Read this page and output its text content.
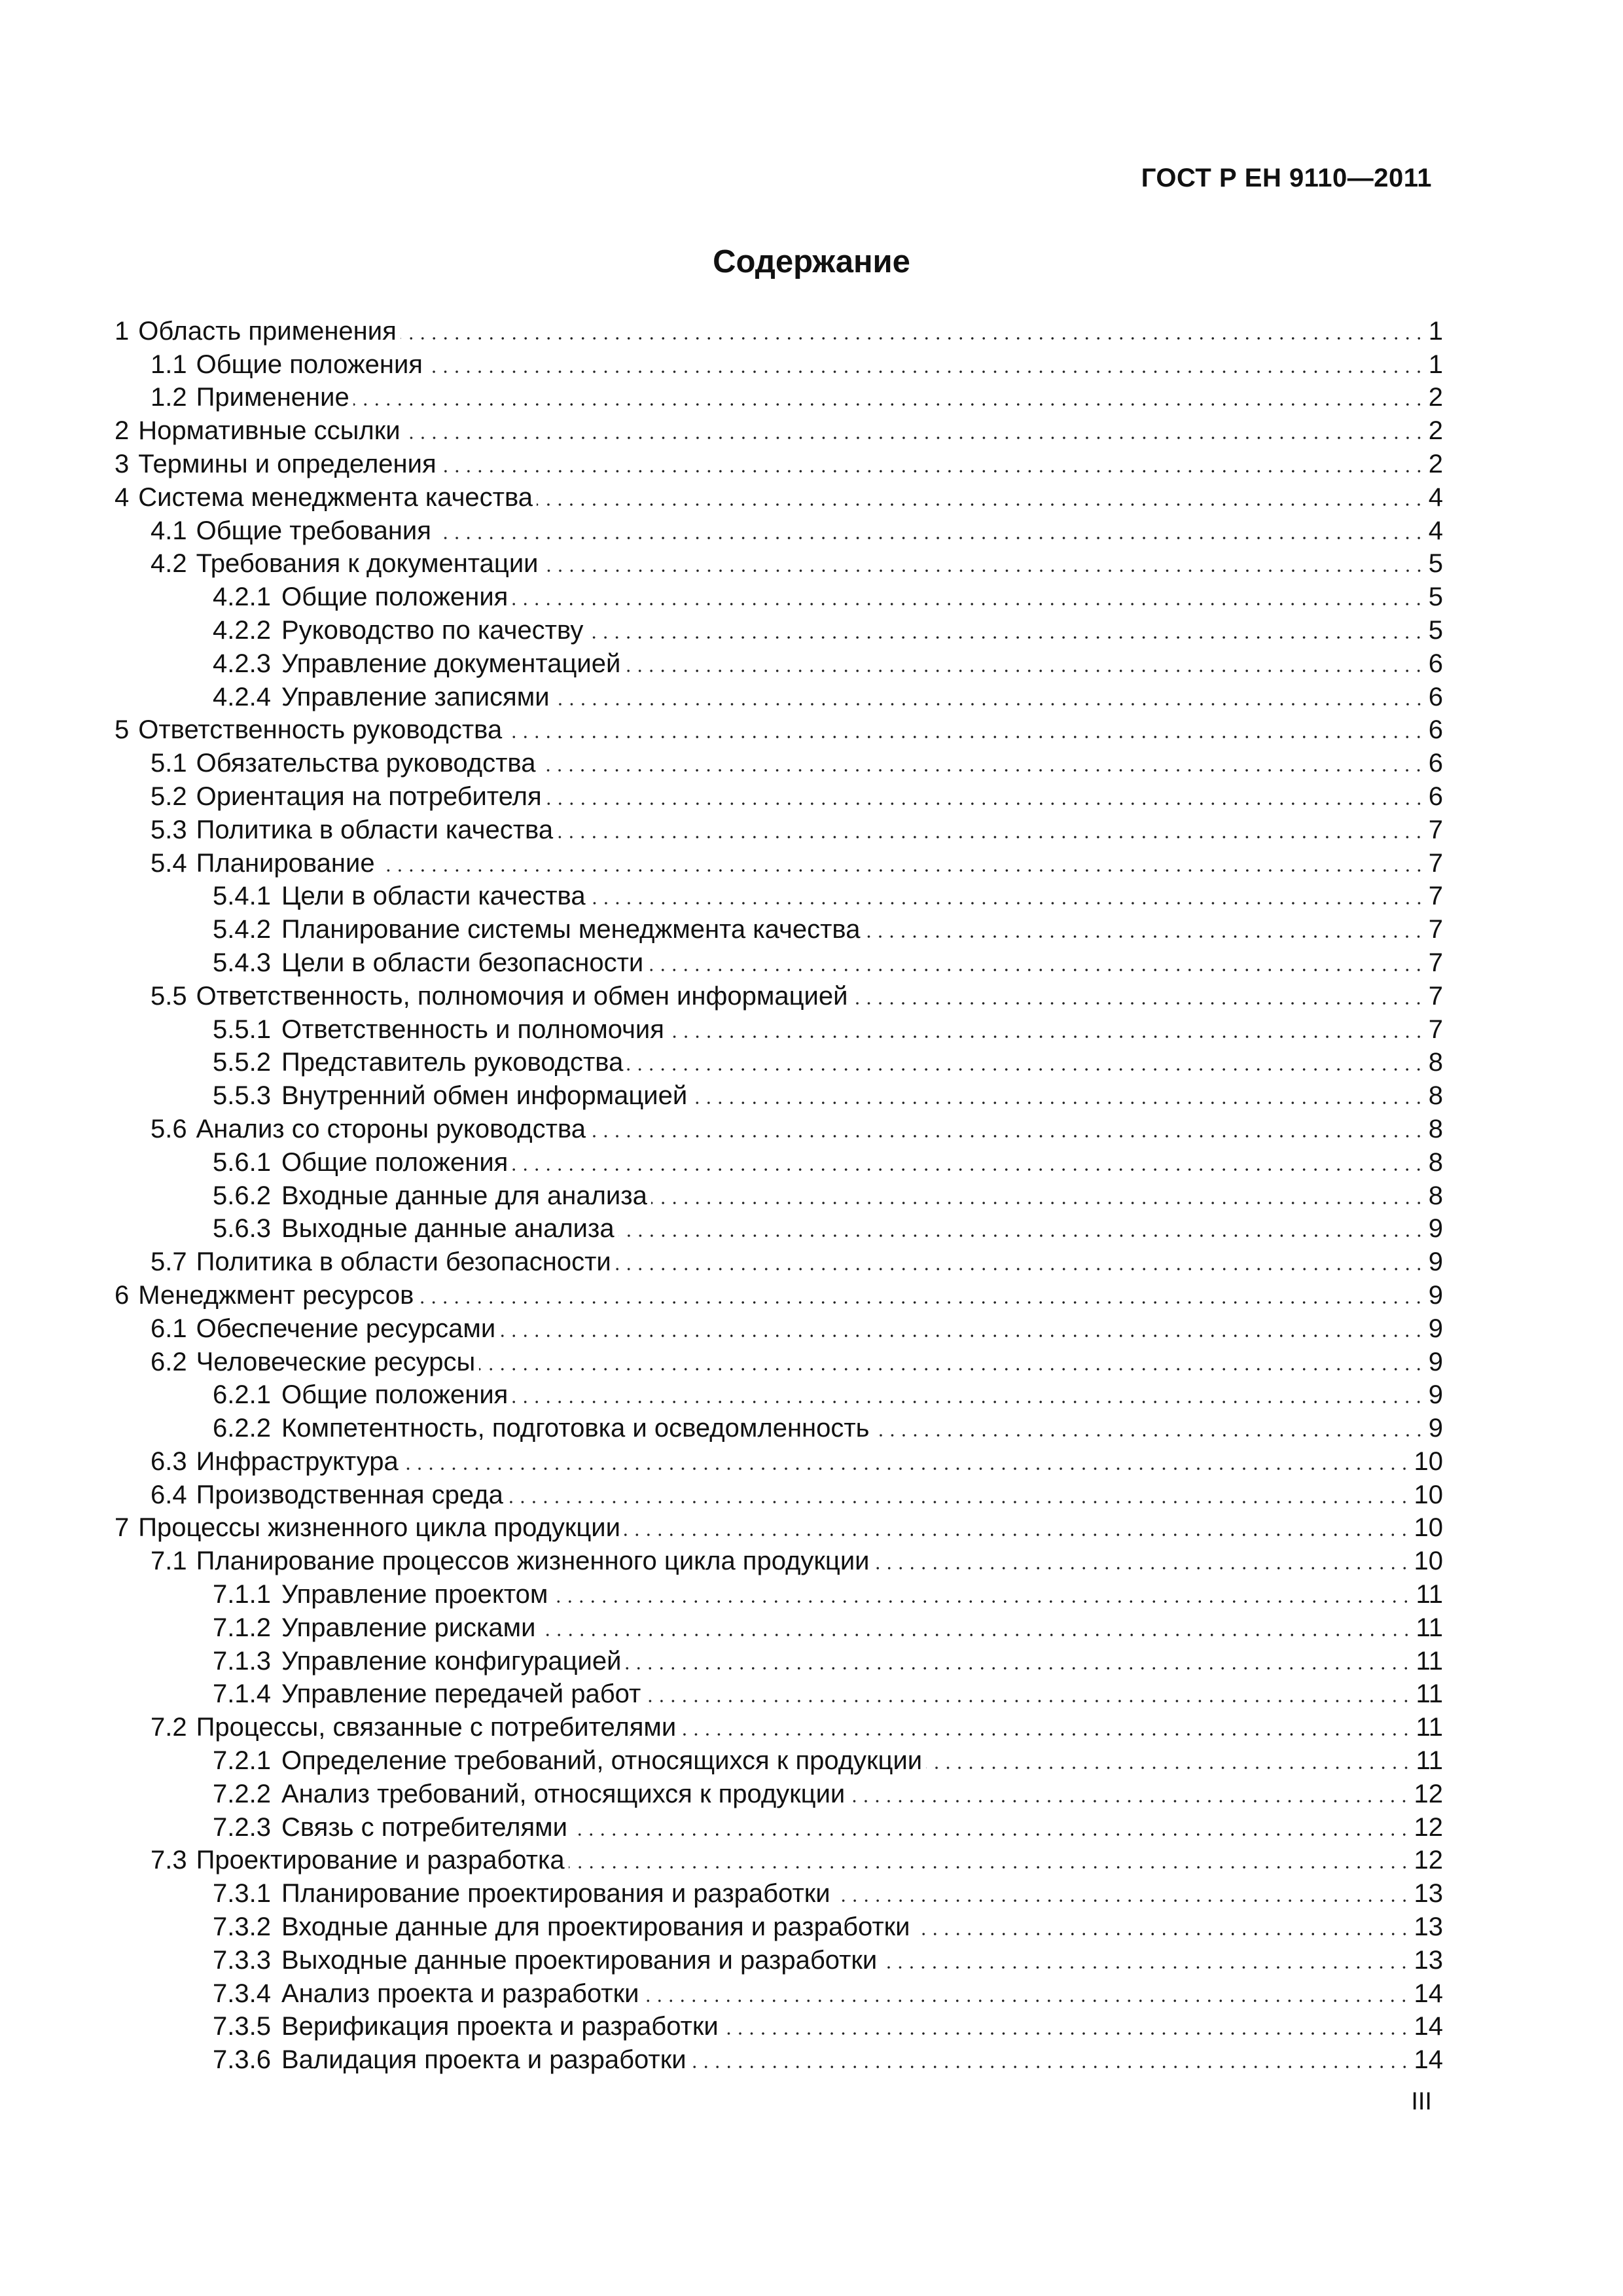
ГОСТ Р ЕН 9110—2011
Содержание
1 Область применения	1
1.1 Общие положения	1
1.2 Применение	2
2 Нормативные ссылки	2
3 Термины и определения	2
4 Система менеджмента качества	4
4.1 Общие требования	4
4.2 Требования к документации	5
4.2.1 Общие положения	5
4.2.2 Руководство по качеству	5
4.2.3 Управление документацией	6
4.2.4 Управление записями	6
5 Ответственность руководства	6
5.1 Обязательства руководства	6
5.2 Ориентация на потребителя	6
5.3 Политика в области качества	7
5.4 Планирование	7
5.4.1 Цели в области качества	7
5.4.2 Планирование системы менеджмента качества	7
5.4.3 Цели в области безопасности	7
5.5 Ответственность, полномочия и обмен информацией	7
5.5.1 Ответственность и полномочия	7
5.5.2 Представитель руководства	8
5.5.3 Внутренний обмен информацией	8
5.6 Анализ со стороны руководства	8
5.6.1 Общие положения	8
5.6.2 Входные данные для анализа	8
5.6.3 Выходные данные анализа	9
5.7 Политика в области безопасности	9
6 Менеджмент ресурсов	9
6.1 Обеспечение ресурсами	9
6.2 Человеческие ресурсы	9
6.2.1 Общие положения	9
6.2.2 Компетентность, подготовка и осведомленность	9
6.3 Инфраструктура	10
6.4 Производственная среда	10
7 Процессы жизненного цикла продукции	10
7.1 Планирование процессов жизненного цикла продукции	10
7.1.1 Управление проектом	11
7.1.2 Управление рисками	11
7.1.3 Управление конфигурацией	11
7.1.4 Управление передачей работ	11
7.2 Процессы, связанные с потребителями	11
7.2.1 Определение требований, относящихся к продукции	11
7.2.2 Анализ требований, относящихся к продукции	12
7.2.3 Связь с потребителями	12
7.3 Проектирование и разработка	12
7.3.1 Планирование проектирования и разработки	13
7.3.2 Входные данные для проектирования и разработки	13
7.3.3 Выходные данные проектирования и разработки	13
7.3.4 Анализ проекта и разработки	14
7.3.5 Верификация проекта и разработки	14
7.3.6 Валидация проекта и разработки	14
III
